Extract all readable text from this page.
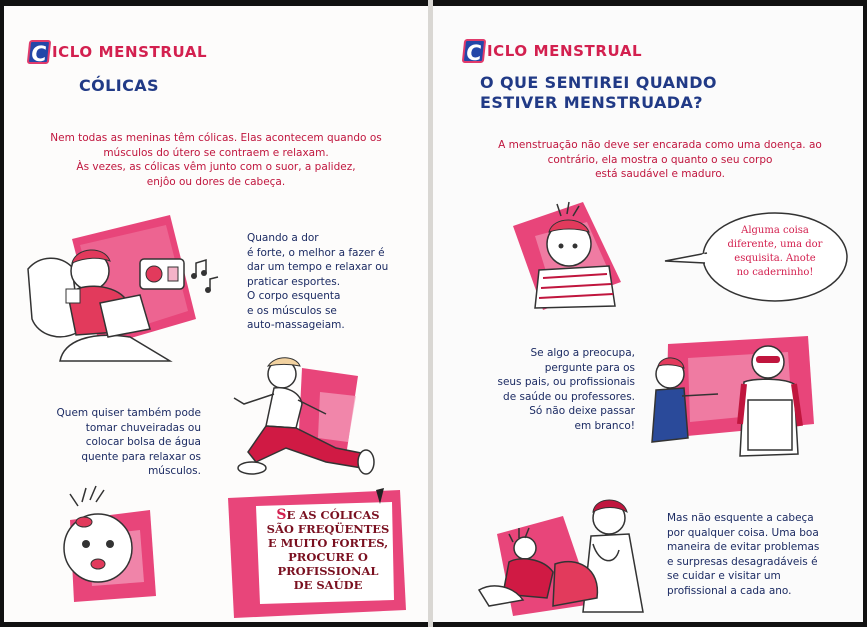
C ICLO MENSTRUAL
CÓLICAS
Nem todas as meninas têm cólicas. Elas acontecem quando os
músculos do útero se contraem e relaxam.
Às vezes, as cólicas vêm junto com o suor, a palidez,
enjôo ou dores de cabeça.
Quando a dor
é forte, o melhor a fazer é
dar um tempo e relaxar ou
praticar esportes.
O corpo esquenta
e os músculos se
auto-massageiam.
Quem quiser também pode
tomar chuveiradas ou
colocar bolsa de água
quente para relaxar os
músculos.
SE AS CÓLICAS
SÃO FREQÜENTES
E MUITO FORTES,
PROCURE O
PROFISSIONAL
DE SAÚDE
C ICLO MENSTRUAL
O QUE SENTIREI QUANDO
ESTIVER MENSTRUADA?
A menstruação não deve ser encarada como uma doença. ao
contrário, ela mostra o quanto o seu corpo
está saudável e maduro.
Alguma coisa
diferente, uma dor
esquisita. Anote
no caderninho!
Se algo a preocupa,
pergunte para os
seus pais, ou profissionais
de saúde ou professores.
Só não deixe passar
em branco!
Mas não esquente a cabeça
por qualquer coisa. Uma boa
maneira de evitar problemas
e surpresas desagradáveis é
se cuidar e visitar um
profissional a cada ano.
